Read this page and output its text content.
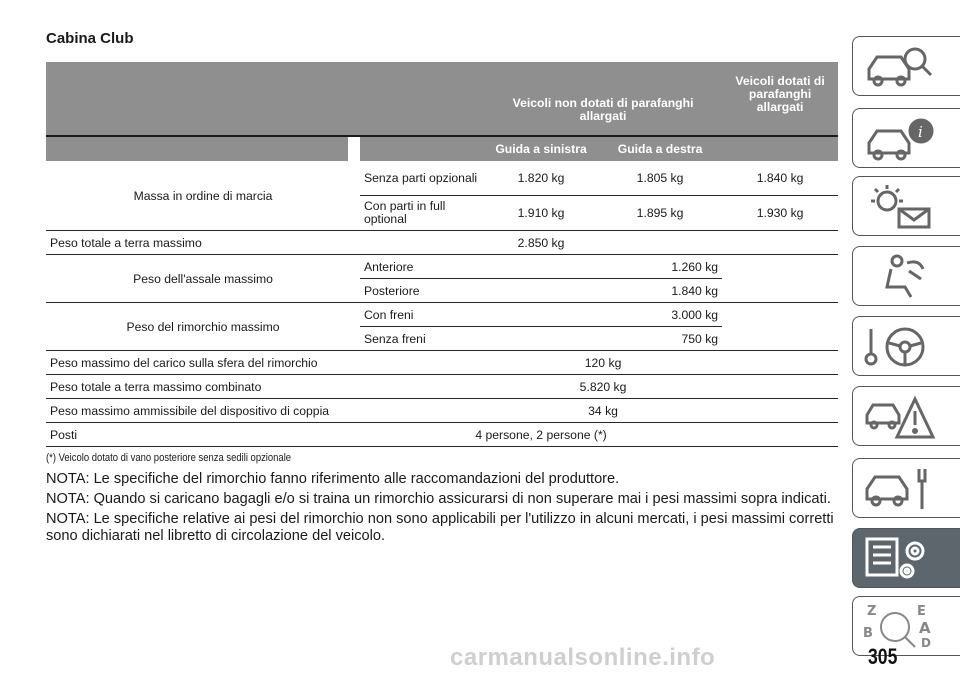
Cabina Club
			Veicoli non dotati di parafanghi allargati		Veicoli dotati di parafanghi allargati
			Guida a sinistra	Guida a destra	
Massa in ordine di marcia		Senza parti opzionali	1.820 kg	1.805 kg	1.840 kg
		Con parti in full optional	1.910 kg	1.895 kg	1.930 kg
Peso totale a terra massimo		2.850 kg			
Peso dell'assale massimo		Anteriore	1.260 kg		
		Posteriore	1.840 kg		
Peso del rimorchio massimo		Con freni	3.000 kg		
		Senza freni	750 kg		
Peso massimo del carico sulla sfera del rimorchio			120 kg		
Peso totale a terra massimo combinato			5.820 kg		
Peso massimo ammissibile del dispositivo di coppia			34 kg		
Posti		4 persone, 2 persone (*)			
(*) Veicolo dotato di vano posteriore senza sedili opzionale

NOTA: Le specifiche del rimorchio fanno riferimento alle raccomandazioni del produttore.

NOTA: Quando si caricano bagagli e/o si traina un rimorchio assicurarsi di non superare mai i pesi massimi sopra indicati.

NOTA: Le specifiche relative ai pesi del rimorchio non sono applicabili per l'utilizzo in alcuni mercati, i pesi massimi corretti sono dichiarati nel libretto di circolazione del veicolo.

i
Z	E
B	A
D
carmanualsonline.info	305
